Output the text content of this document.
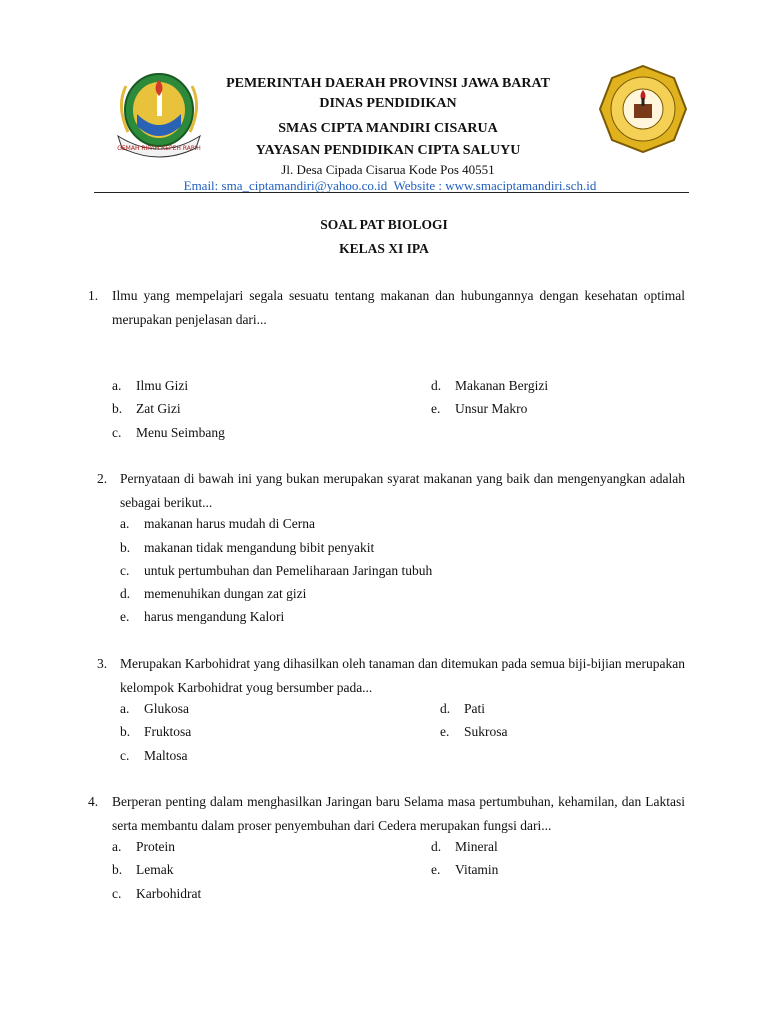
GEMAH RIPAH REPEH RAPIH
PEMERINTAH DAERAH PROVINSI JAWA BARAT
DINAS PENDIDIKAN
SMAS CIPTA MANDIRI CISARUA
YAYASAN PENDIDIKAN CIPTA SALUYU
Jl. Desa Cipada Cisarua Kode Pos 40551
Email: sma_ciptamandiri@yahoo.co.id  Website : www.smaciptamandiri.sch.id
SOAL PAT BIOLOGI
KELAS XI IPA
1. Ilmu yang mempelajari segala sesuatu tentang makanan dan hubungannya dengan kesehatan optimal merupakan penjelasan dari...
a. Ilmu Gizi
b. Zat Gizi
c. Menu Seimbang
d. Makanan Bergizi
e. Unsur Makro
2. Pernyataan di bawah ini yang bukan merupakan syarat makanan yang baik dan mengenyangkan adalah sebagai berikut...
a. makanan harus mudah di Cerna
b. makanan tidak mengandung bibit penyakit
c. untuk pertumbuhan dan Pemeliharaan Jaringan tubuh
d. memenuhikan dungan zat gizi
e. harus mengandung Kalori
3. Merupakan Karbohidrat yang dihasilkan oleh tanaman dan ditemukan pada semua biji-bijian merupakan kelompok Karbohidrat youg bersumber pada...
a. Glukosa
b. Fruktosa
c. Maltosa
d. Pati
e. Sukrosa
4. Berperan penting dalam menghasilkan Jaringan baru Selama masa pertumbuhan, kehamilan, dan Laktasi serta membantu dalam proser penyembuhan dari Cedera merupakan fungsi dari...
a. Protein
b. Lemak
c. Karbohidrat
d. Mineral
e. Vitamin
